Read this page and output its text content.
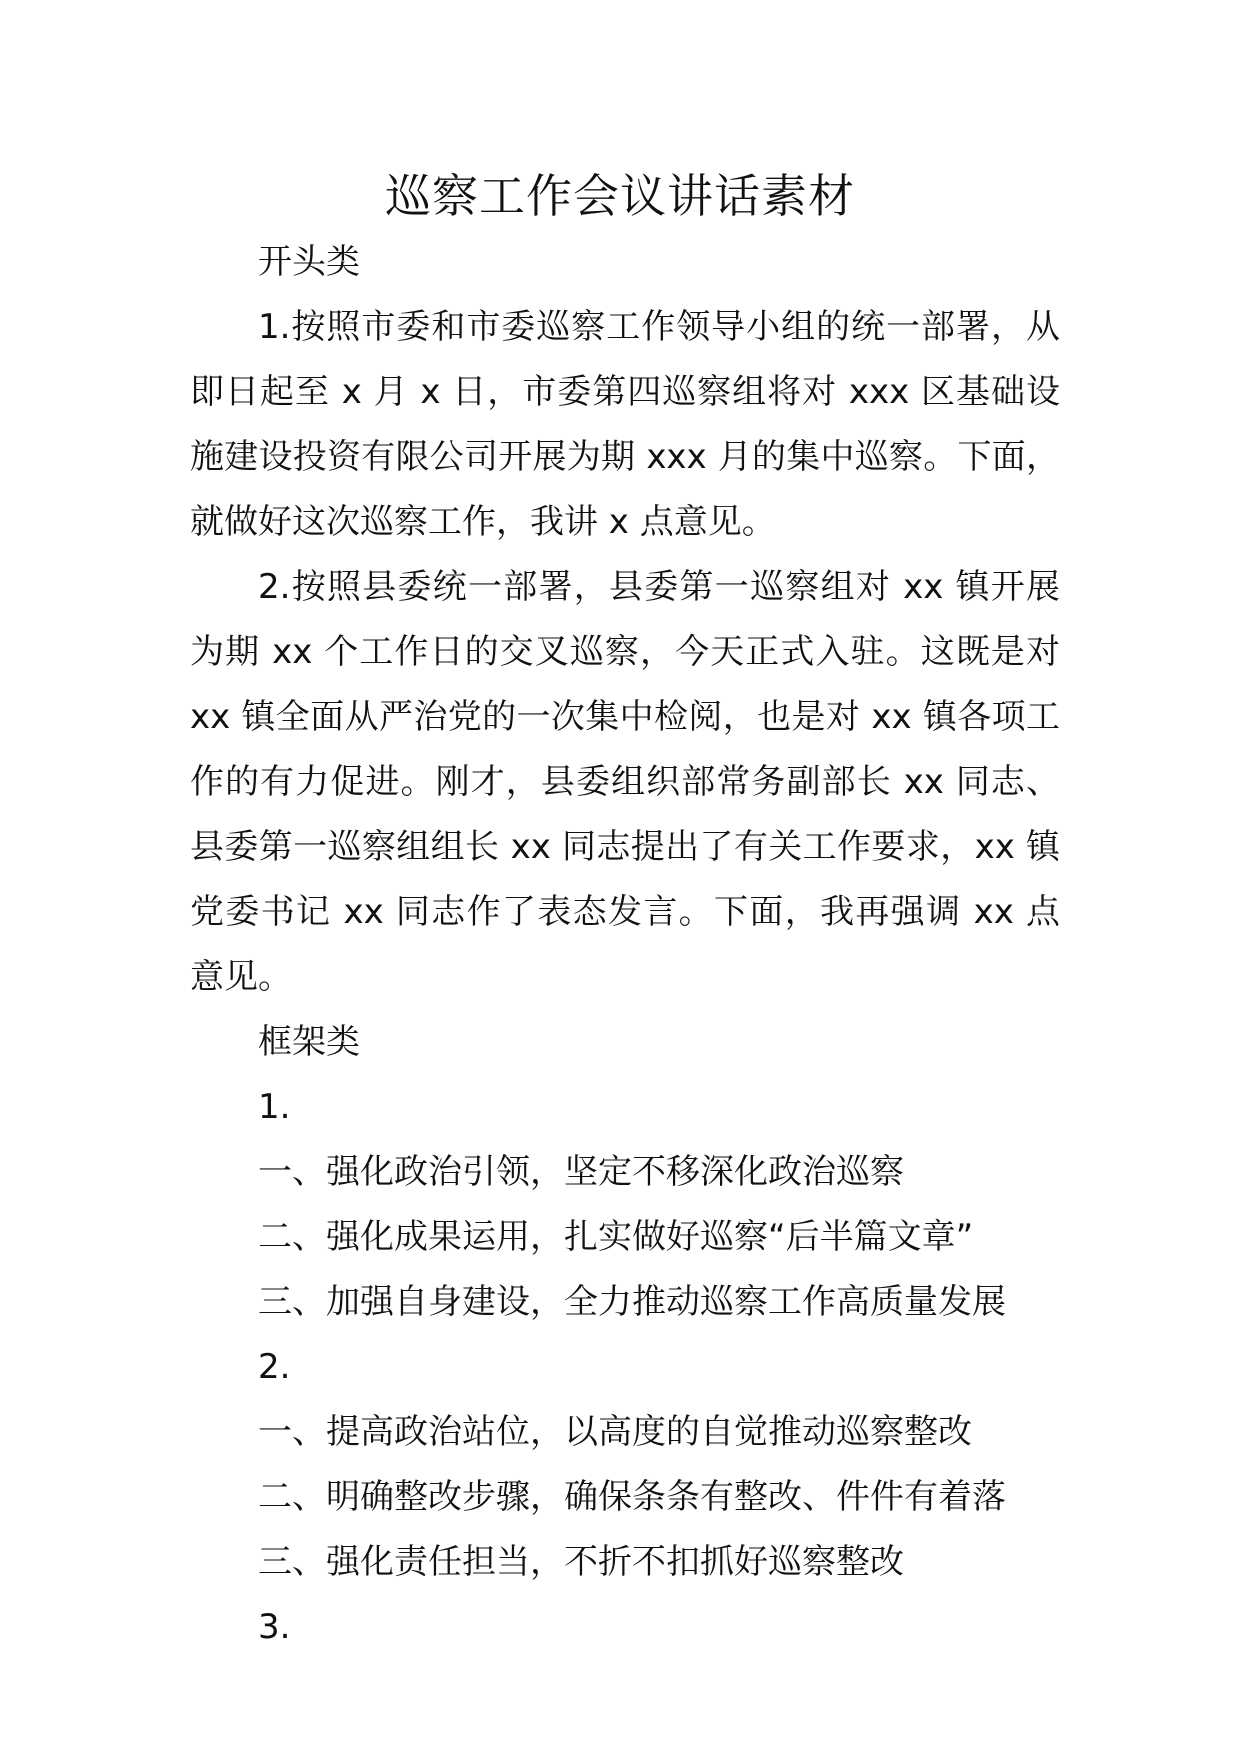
巡察工作会议讲话素材

开头类

1.按照市委和市委巡察工作领导小组的统一部署，从即日起至 x 月 x 日，市委第四巡察组将对 xxx 区基础设施建设投资有限公司开展为期 xxx 月的集中巡察。下面，就做好这次巡察工作，我讲 x 点意见。

2.按照县委统一部署，县委第一巡察组对 xx 镇开展为期 xx 个工作日的交叉巡察，今天正式入驻。这既是对 xx 镇全面从严治党的一次集中检阅，也是对 xx 镇各项工作的有力促进。刚才，县委组织部常务副部长 xx 同志、县委第一巡察组组长 xx 同志提出了有关工作要求，xx 镇党委书记 xx 同志作了表态发言。下面，我再强调 xx 点意见。

框架类

1.

一、强化政治引领，坚定不移深化政治巡察

二、强化成果运用，扎实做好巡察“后半篇文章”

三、加强自身建设，全力推动巡察工作高质量发展

2.

一、提高政治站位，以高度的自觉推动巡察整改

二、明确整改步骤，确保条条有整改、件件有着落

三、强化责任担当，不折不扣抓好巡察整改

3.
